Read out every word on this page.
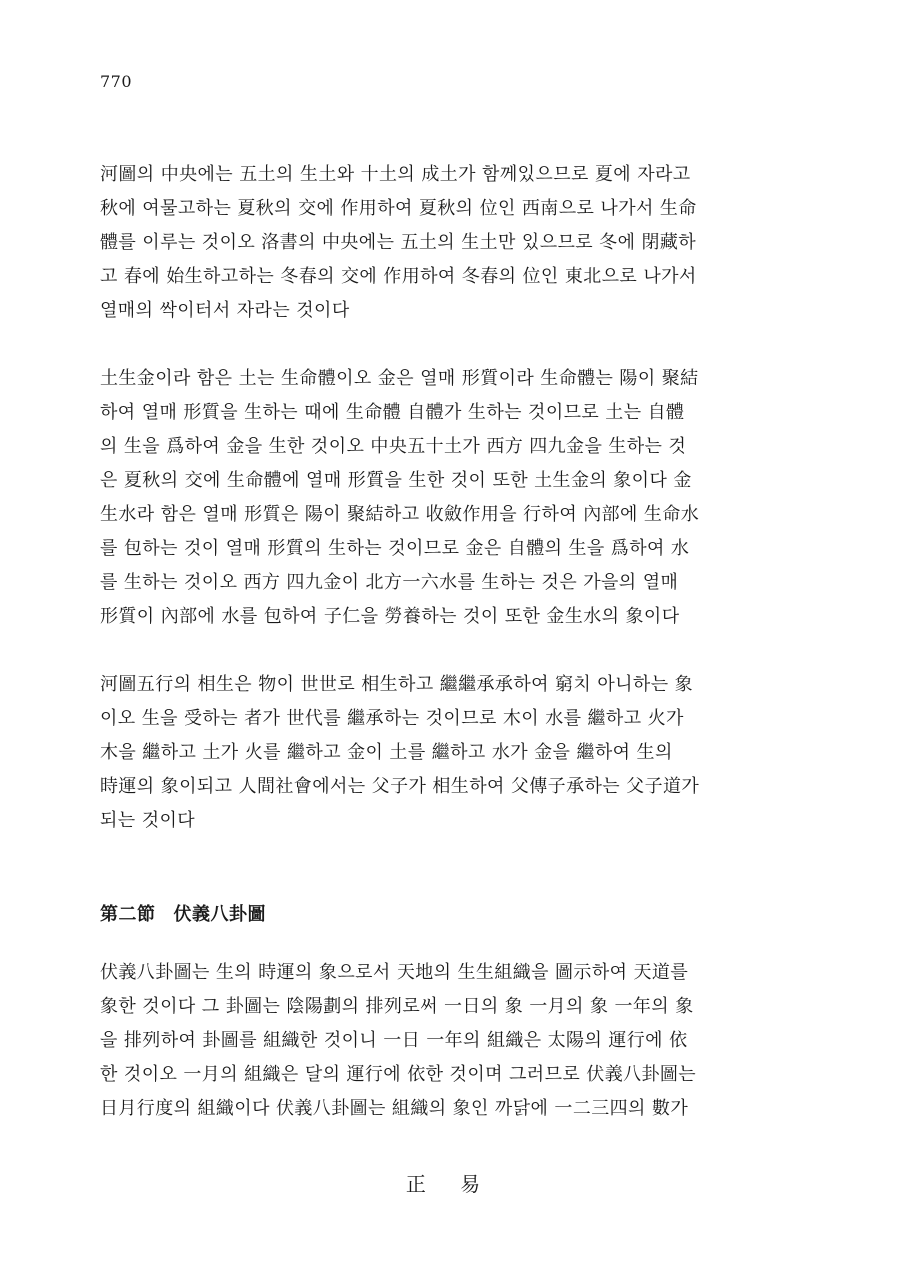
770

河圖의 中央에는 五土의 生土와 十土의 成土가 함께있으므로 夏에 자라고

秋에 여물고하는 夏秋의 交에 作用하여 夏秋의 位인 西南으로 나가서 生命

體를 이루는 것이오 洛書의 中央에는 五土의 生土만 있으므로 冬에 閉藏하

고 春에 始生하고하는 冬春의 交에 作用하여 冬春의 位인 東北으로 나가서

열매의 싹이터서 자라는 것이다

土生金이라 함은 土는 生命體이오 金은 열매 形質이라 生命體는 陽이 聚結

하여 열매 形質을 生하는 때에 生命體 自體가 生하는 것이므로 土는 自體

의 生을 爲하여 金을 生한 것이오 中央五十土가 西方 四九金을 生하는 것

은 夏秋의 交에 生命體에 열매 形質을 生한 것이 또한 土生金의 象이다 金

生水라 함은 열매 形質은 陽이 聚結하고 收斂作用을 行하여 內部에 生命水

를 包하는 것이 열매 形質의 生하는 것이므로 金은 自體의 生을 爲하여 水

를 生하는 것이오 西方 四九金이 北方一六水를 生하는 것은 가을의 열매

形質이 內部에 水를 包하여 子仁을 勞養하는 것이 또한 金生水의 象이다

河圖五行의 相生은 物이 世世로 相生하고 繼繼承承하여 窮치 아니하는 象

이오 生을 受하는 者가 世代를 繼承하는 것이므로 木이 水를 繼하고 火가

木을 繼하고 土가 火를 繼하고 金이 土를 繼하고 水가 金을 繼하여 生의

時運의 象이되고 人間社會에서는 父子가 相生하여 父傳子承하는 父子道가

되는 것이다

第二節 伏義八卦圖

伏義八卦圖는 生의 時運의 象으로서 天地의 生生組織을 圖示하여 天道를

象한 것이다 그 卦圖는 陰陽劃의 排列로써 一日의 象 一月의 象 一年의 象

을 排列하여 卦圖를 組織한 것이니 一日 一年의 組織은 太陽의 運行에 依

한 것이오 一月의 組織은 달의 運行에 依한 것이며 그러므로 伏義八卦圖는

日月行度의 組織이다 伏義八卦圖는 組織의 象인 까닭에 一二三四의 數가

正 易
